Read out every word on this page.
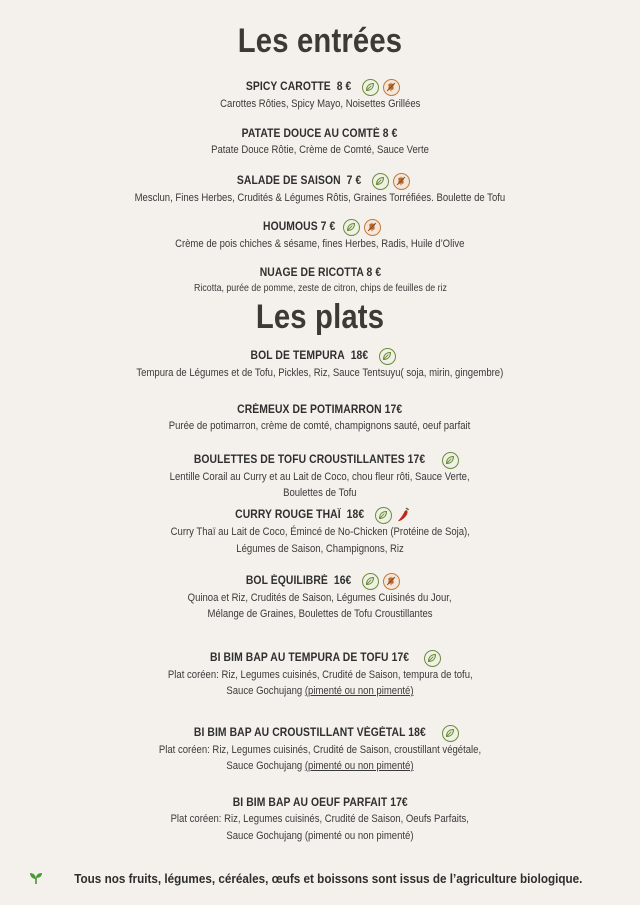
Les entrées
SPICY CAROTTE 8 €
Carottes Rôties, Spicy Mayo, Noisettes Grillées
PATATE DOUCE AU COMTÉ 8 €
Patate Douce Rôtie, Crème de Comté, Sauce Verte
SALADE DE SAISON 7 €
Mesclun, Fines Herbes, Crudités & Légumes Rôtis, Graines Torréfiées. Boulette de Tofu
HOUMOUS 7 €
Crème de pois chiches & sésame, fines Herbes, Radis, Huile d’Olive
NUAGE DE RICOTTA 8 €
Ricotta, purée de pomme, zeste de citron, chips de feuilles de riz
Les plats
BOL DE TEMPURA 18€
Tempura de Légumes et de Tofu, Pickles, Riz, Sauce Tentsuyu( soja, mirin, gingembre)
CRÉMEUX DE POTIMARRON 17€
Purée de potimarron, crème de comté, champignons sauté, oeuf parfait
BOULETTES DE TOFU CROUSTILLANTES 17€
Lentille Corail au Curry et au Lait de Coco, chou fleur rôti, Sauce Verte,
Boulettes de Tofu
CURRY ROUGE THAÏ 18€
Curry Thaï au Lait de Coco, Émincé de No-Chicken (Protéine de Soja),
Légumes de Saison, Champignons, Riz
BOL ÉQUILIBRÉ 16€
Quinoa et Riz, Crudités de Saison, Légumes Cuisinés du Jour,
Mélange de Graines, Boulettes de Tofu Croustillantes
BI BIM BAP AU TEMPURA DE TOFU 17€
Plat coréen: Riz, Legumes cuisinés, Crudité de Saison, tempura de tofu,
Sauce Gochujang (pimenté ou non pimenté)
BI BIM BAP AU CROUSTILLANT VÉGÉTAL 18€
Plat coréen: Riz, Legumes cuisinés, Crudité de Saison, croustillant végétale,
Sauce Gochujang (pimenté ou non pimenté)
BI BIM BAP AU OEUF PARFAIT 17€
Plat coréen: Riz, Legumes cuisinés, Crudité de Saison, Oeufs Parfaits,
Sauce Gochujang (pimenté ou non pimenté)
Tous nos fruits, légumes, céréales, œufs et boissons sont issus de l’agriculture biologique.
